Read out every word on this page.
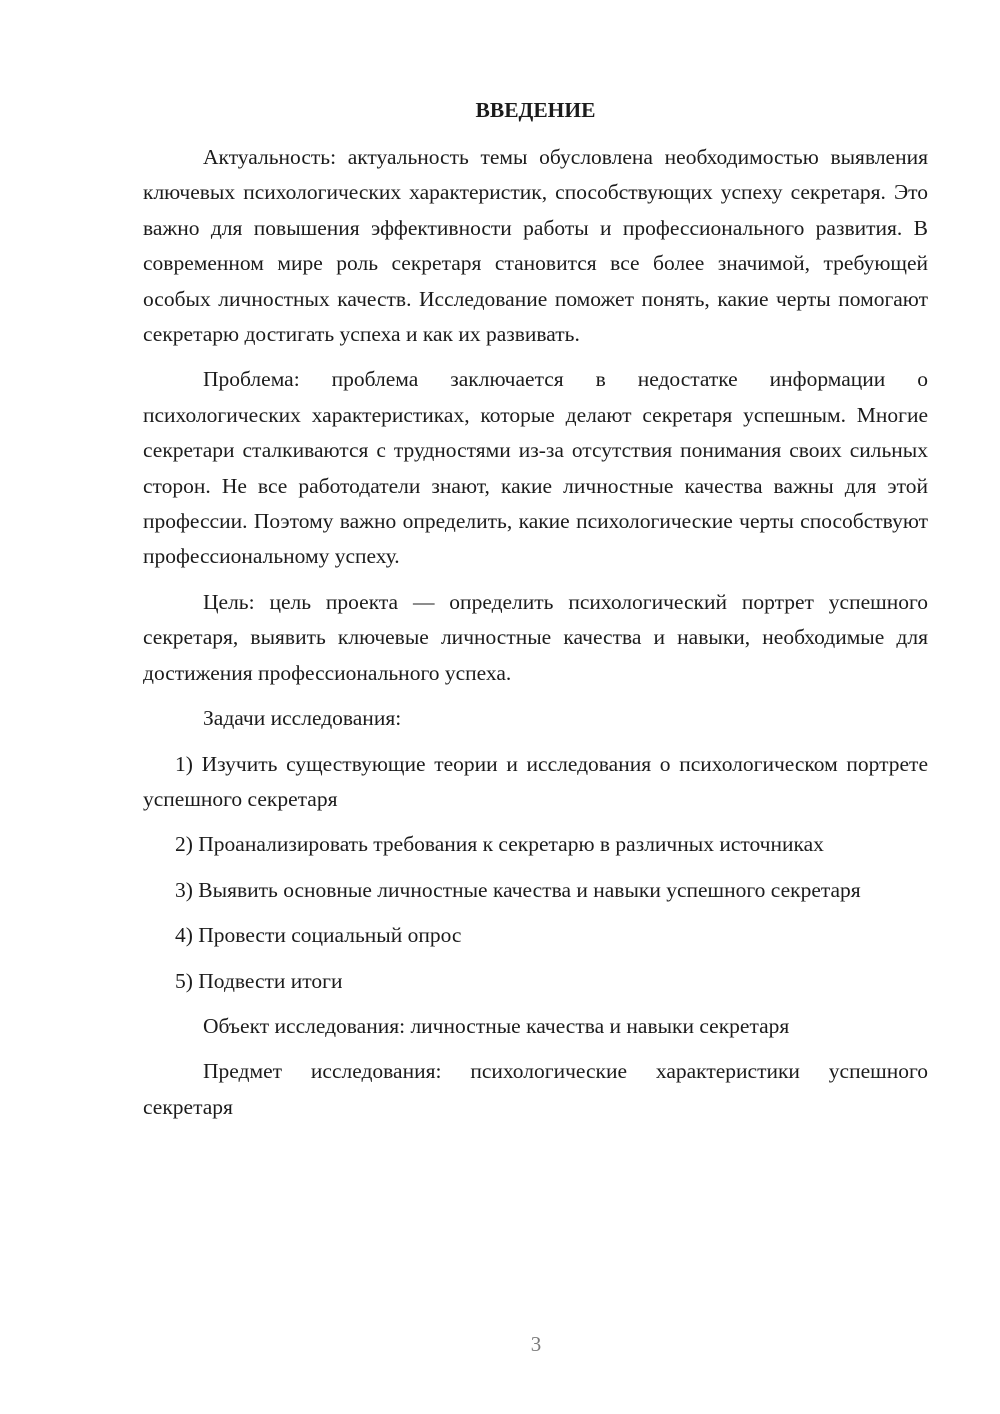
ВВЕДЕНИЕ
Актуальность: актуальность темы обусловлена необходимостью выявления ключевых психологических характеристик, способствующих успеху секретаря. Это важно для повышения эффективности работы и профессионального развития. В современном мире роль секретаря становится все более значимой, требующей особых личностных качеств. Исследование поможет понять, какие черты помогают секретарю достигать успеха и как их развивать.
Проблема: проблема заключается в недостатке информации о психологических характеристиках, которые делают секретаря успешным. Многие секретари сталкиваются с трудностями из-за отсутствия понимания своих сильных сторон. Не все работодатели знают, какие личностные качества важны для этой профессии. Поэтому важно определить, какие психологические черты способствуют профессиональному успеху.
Цель: цель проекта — определить психологический портрет успешного секретаря, выявить ключевые личностные качества и навыки, необходимые для достижения профессионального успеха.
Задачи исследования:
1) Изучить существующие теории и исследования о психологическом портрете успешного секретаря
2) Проанализировать требования к секретарю в различных источниках
3) Выявить основные личностные качества и навыки успешного секретаря
4) Провести социальный опрос
5) Подвести итоги
Объект исследования: личностные качества и навыки секретаря
Предмет исследования: психологические характеристики успешного секретаря
3
